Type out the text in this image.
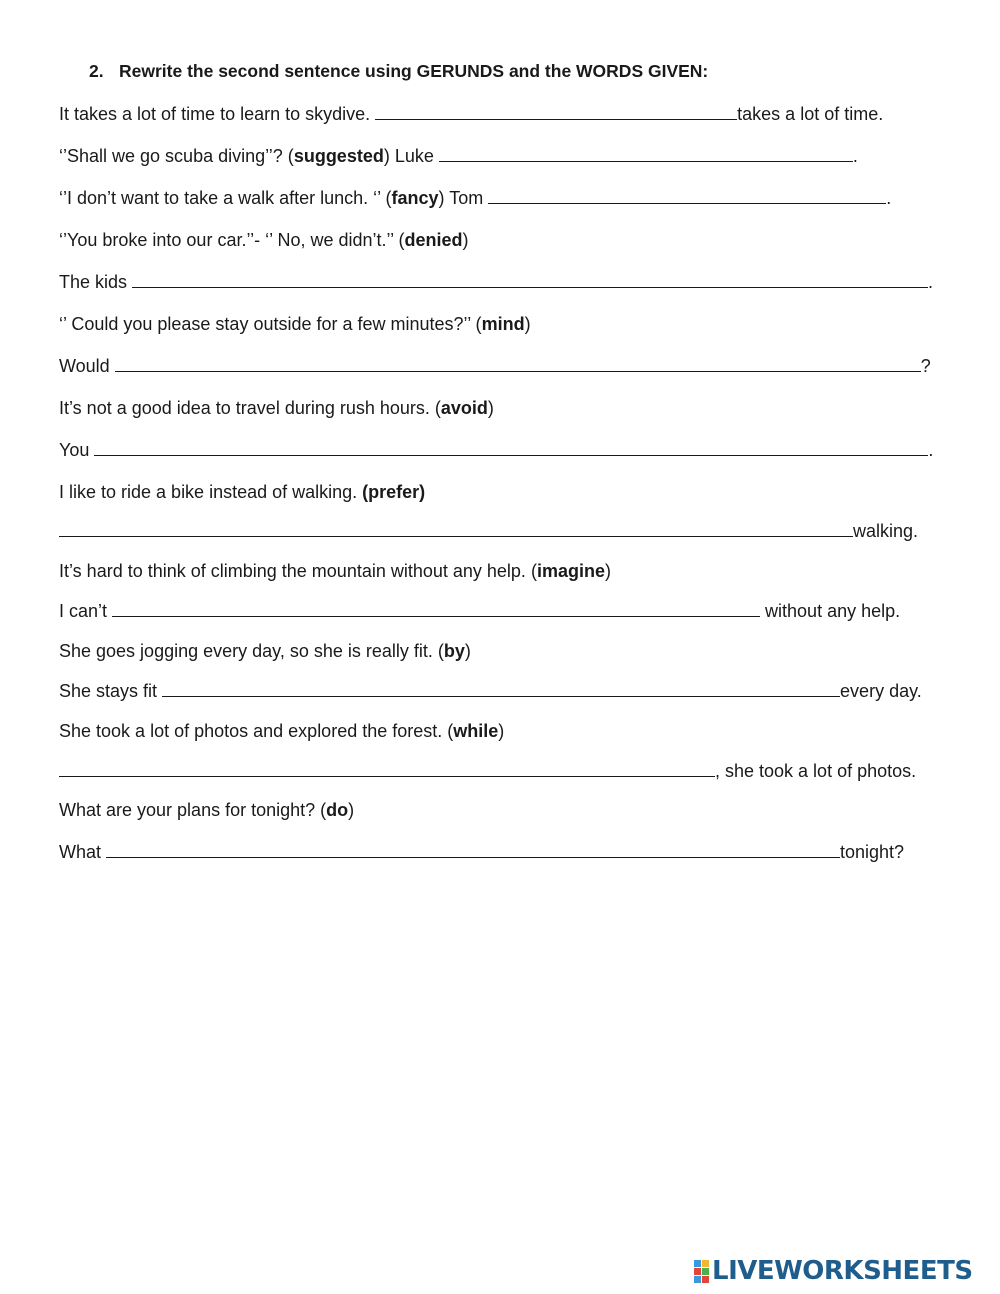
2. Rewrite the second sentence using GERUNDS and the WORDS GIVEN:
It takes a lot of time to learn to skydive.	takes a lot of time.
‘’Shall we go scuba diving’’? (suggested) Luke	.
‘’I don’t want to take a walk after lunch. ‘’ (fancy) Tom	.
‘’You broke into our car.’’- ‘’ No, we didn’t.’’ (denied)
The kids	.
‘’ Could you please stay outside for a few minutes?’’ (mind)
Would	?
It’s not a good idea to travel during rush hours. (avoid)
You	.
I like to ride a bike instead of walking. (prefer)
walking.
It’s hard to think of climbing the mountain without any help. (imagine)
I can’t	without any help.
She goes jogging every day, so she is really fit. (by)
She stays fit	every day.
She took a lot of photos and explored the forest. (while)
, she took a lot of photos.
What are your plans for tonight? (do)
What	tonight?
LIVEWORKSHEETS
